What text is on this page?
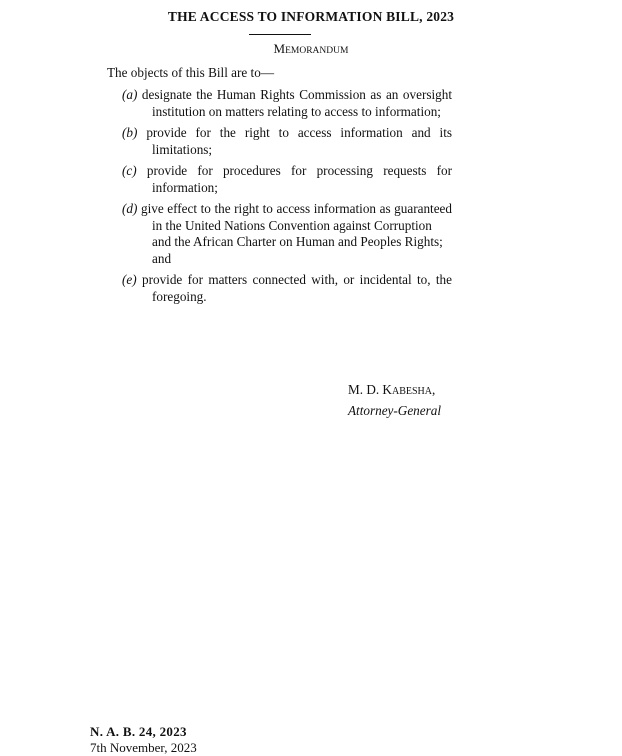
THE ACCESS TO INFORMATION BILL, 2023
MEMORANDUM
The objects of this Bill are to—
(a) designate the Human Rights Commission as an oversight
institution on matters relating to access to information;
(b) provide for the right to access information and its
limitations;
(c) provide for procedures for processing requests for
information;
(d) give effect to the right to access information as guaranteed
in the United Nations Convention against Corruption
and the African Charter on Human and Peoples Rights;
and
(e) provide for matters connected with, or incidental to, the
foregoing.
M. D. KABESHA,
Attorney-General
N. A. B. 24, 2023
7th November, 2023
